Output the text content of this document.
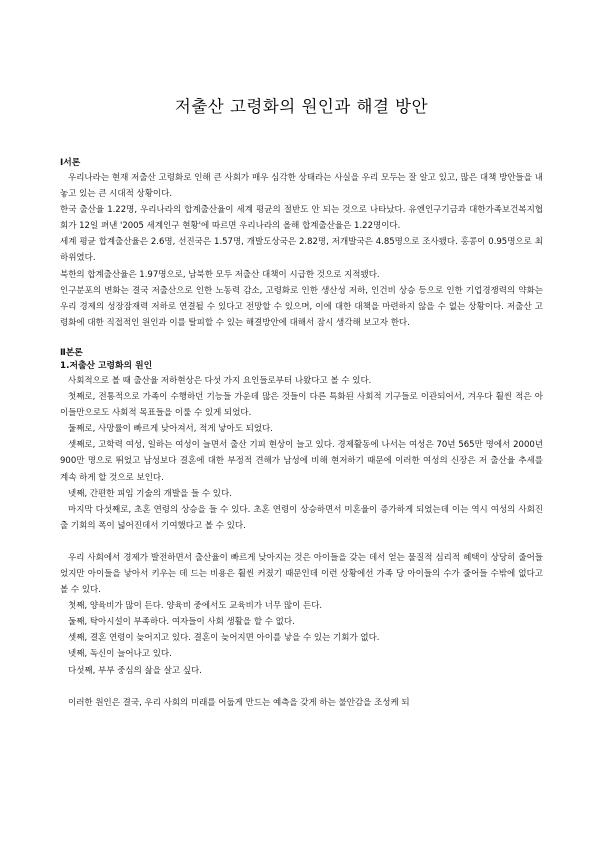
저출산 고령화의 원인과 해결 방안

Ⅰ서론

우리나라는 현재 저출산 고령화로 인해 큰 사회가 매우 심각한 상태라는 사실을 우리 모두는 잘 알고 있고, 많은 대책 방안들을 내놓고 있는 큰 시대적 상황이다.

한국 출산율 1.22명, 우리나라의 합계출산율이 세계 평균의 절반도 안 되는 것으로 나타났다. 유엔인구기금과 대한가족보건복지협회가 12일 펴낸 '2005 세계인구 현황'에 따르면 우리나라의 올해 합계출산율은 1.22명이다.

세계 평균 합계출산율은 2.6명, 선진국은 1.57명, 개발도상국은 2.82명, 저개발국은 4.85명으로 조사됐다. 홍콩이 0.95명으로 최하위였다.

북한의 합계출산율은 1.97명으로, 남북한 모두 저출산 대책이 시급한 것으로 지적됐다.

인구분포의 변화는 결국 저출산으로 인한 노동력 감소, 고령화로 인한 생산성 저하, 인건비 상승 등으로 인한 기업경쟁력의 약화는 우리 경제의 성장잠재력 저하로 연결될 수 있다고 전망할 수 있으며, 이에 대한 대책을 마련하지 않을 수 없는 상황이다. 저출산 고령화에 대한 직접적인 원인과 이를 탈피할 수 있는 해결방안에 대해서 잠시 생각해 보고자 한다.

Ⅱ본론

1.저출산 고령화의 원인

사회적으로 볼 때 출산율 저하현상은 다섯 가지 요인들로부터 나왔다고 볼 수 있다.

첫째로, 전통적으로 가족이 수행하던 기능들 가운데 많은 것들이 다른 특화된 사회적 기구들로 이관되어서, 겨우다 훨씬 적은 아이들만으로도 사회적 목표들을 이룰 수 있게 되었다.

둘째로, 사망률이 빠르게 낮아져서, 적게 낳아도 되었다.

셋째로, 고학력 여성, 일하는 여성이 늘면서 출산 기피 현상이 늘고 있다. 경제활동에 나서는 여성은 70년 565만 명에서 2000년 900만 명으로 뛰었고 남성보다 결혼에 대한 부정적 견해가 남성에 비해 현저하기 때문에 이러한 여성의 신장은 저 출산율 추세를 계속 하게 할 것으로 보인다.

넷째, 간편한 피임 기술의 개발을 들 수 있다.

마지막 다섯째로, 초혼 연령의 상승을 들 수 있다. 초혼 연령이 상승하면서 미혼율이 증가하게 되었는데 이는 역시 여성의 사회진출 기회의 폭이 넓어진데서 기여했다고 볼 수 있다.

우리 사회에서 경제가 발전하면서 출산율이 빠르게 낮아지는 것은 아이들을 갖는 데서 얻는 물질적 심리적 혜택이 상당히 줄어들었지만 아이들을 낳아서 키우는 데 드는 비용은 훨씬 커졌기 때문인데 이런 상황에선 가족 당 아이들의 수가 줄어들 수밖에 없다고 볼 수 있다.

첫째, 양육비가 많이 든다. 양육비 중에서도 교육비가 너무 많이 든다.

둘째, 탁아시설이 부족하다. 여자들이 사회 생활을 할 수 없다.

셋째, 결혼 연령이 늦어지고 있다. 결혼이 늦어지면 아이를 낳을 수 있는 기회가 없다.

넷째, 독신이 늘어나고 있다.

다섯째, 부부 중심의 삶을 살고 싶다.

이러한 원인은 결국, 우리 사회의 미래를 어둡게 만드는 예측을 갖게 하는 불안감을 조성케 되
